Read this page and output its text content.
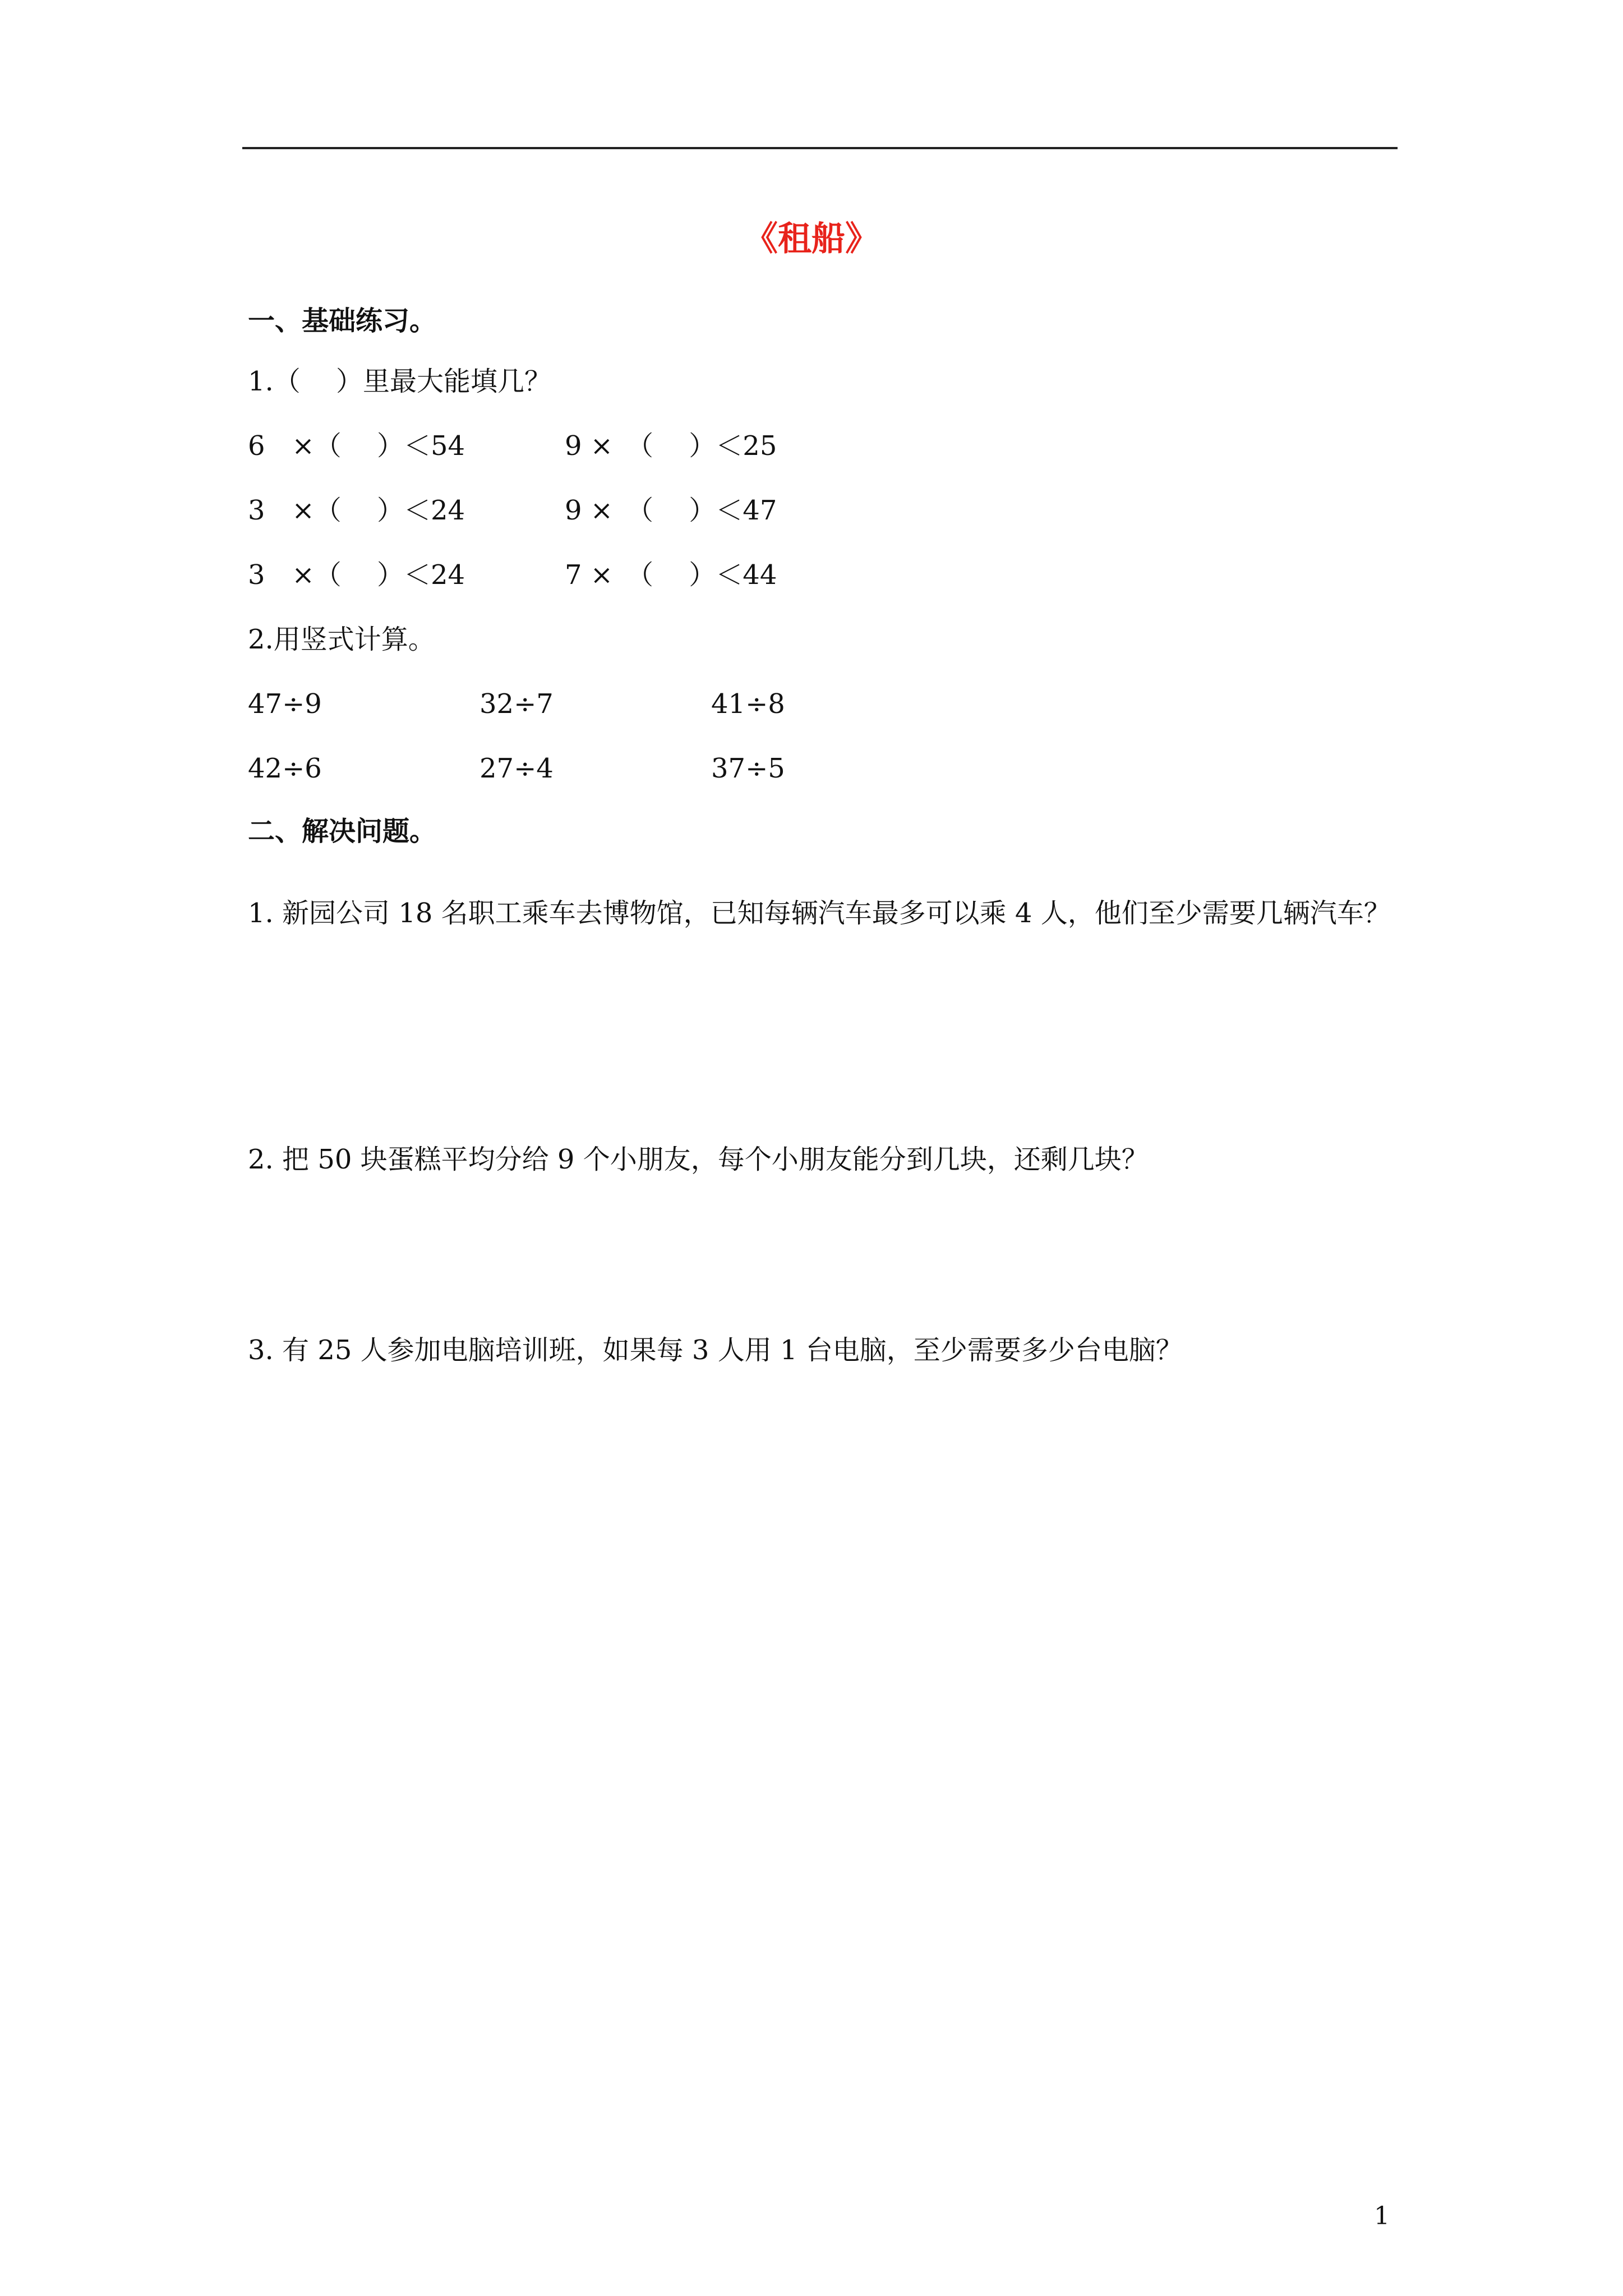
《租船》
一、基础练习。
1.（　 ）里最大能填几？
6　×（　 ）＜54	9 ×　（　 ）＜25
3　×（　 ）＜24	9 ×　（　 ）＜47
3　×（　 ）＜24	7 ×　（　 ）＜44
2.用竖式计算。
47÷9	32÷7	41÷8
42÷6	27÷4	37÷5
二、解决问题。
1. 新园公司 18 名职工乘车去博物馆，已知每辆汽车最多可以乘 4 人，他们至少需要几辆汽车？
2. 把 50 块蛋糕平均分给 9 个小朋友，每个小朋友能分到几块，还剩几块？
3. 有 25 人参加电脑培训班，如果每 3 人用 1 台电脑，至少需要多少台电脑？
1
